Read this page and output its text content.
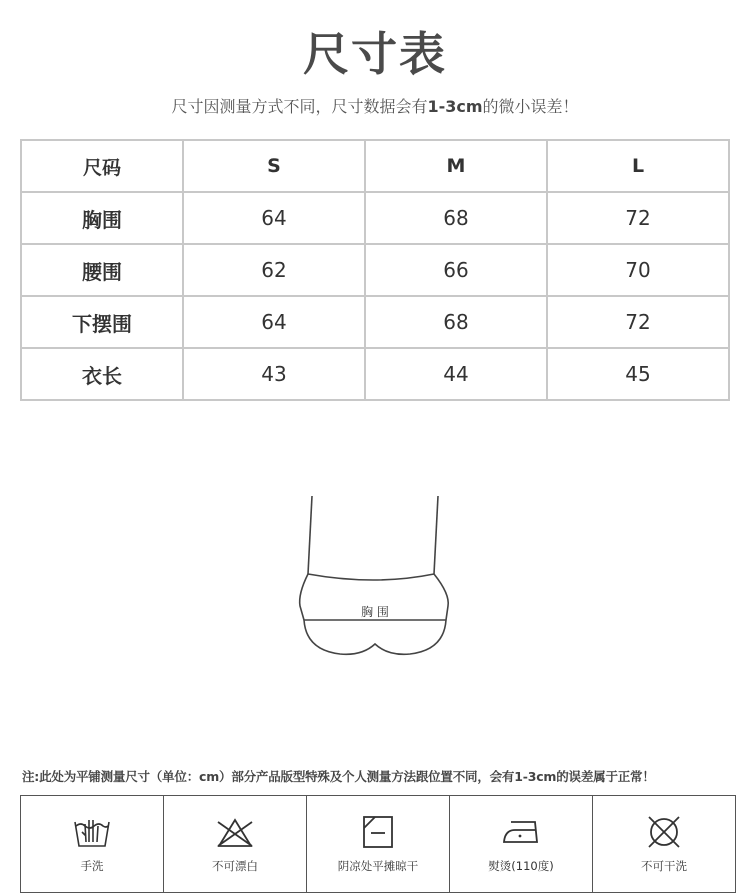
尺寸表
尺寸因测量方式不同，尺寸数据会有1-3cm的微小误差！
尺码	S	M	L
胸围	64	68	72
腰围	62	66	70
下摆围	64	68	72
衣长	43	44	45
胸 围
注:此处为平铺测量尺寸（单位：cm）部分产品版型特殊及个人测量方法跟位置不同，会有1-3cm的误差属于正常！
手洗	不可漂白	阴凉处平摊晾干	熨烫(110度)	不可干洗
